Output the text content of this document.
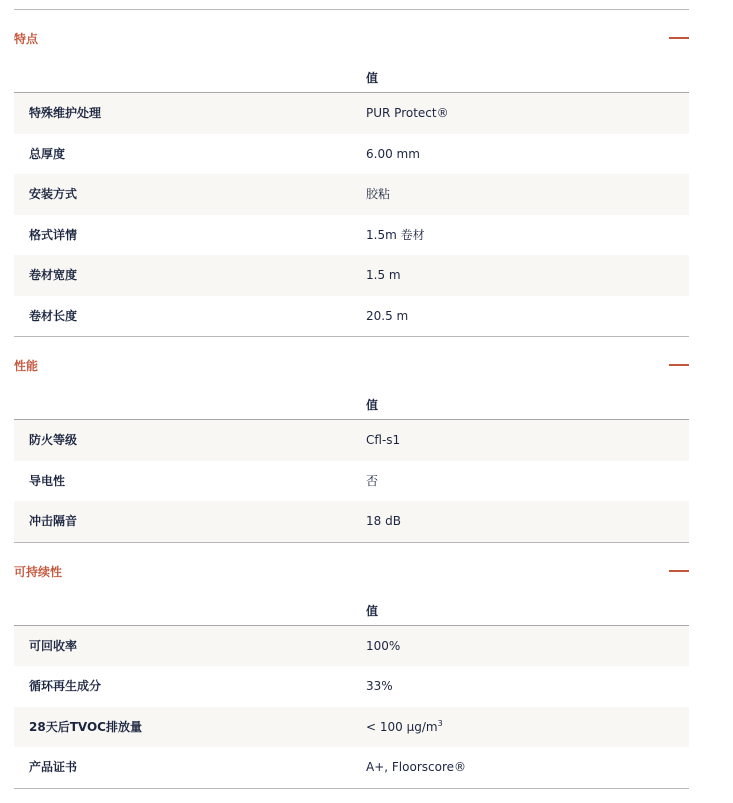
特点
值
特殊维护处理	PUR Protect®
总厚度	6.00 mm
安装方式	胶粘
格式详情	1.5m 卷材
卷材宽度	1.5 m
卷材长度	20.5 m
性能
值
防火等级	Cfl-s1
导电性	否
冲击隔音	18 dB
可持续性
值
可回收率	100%
循环再生成分	33%
28天后TVOC排放量	< 100 $\mu g/m^3$
产品证书	A+, Floorscore®
